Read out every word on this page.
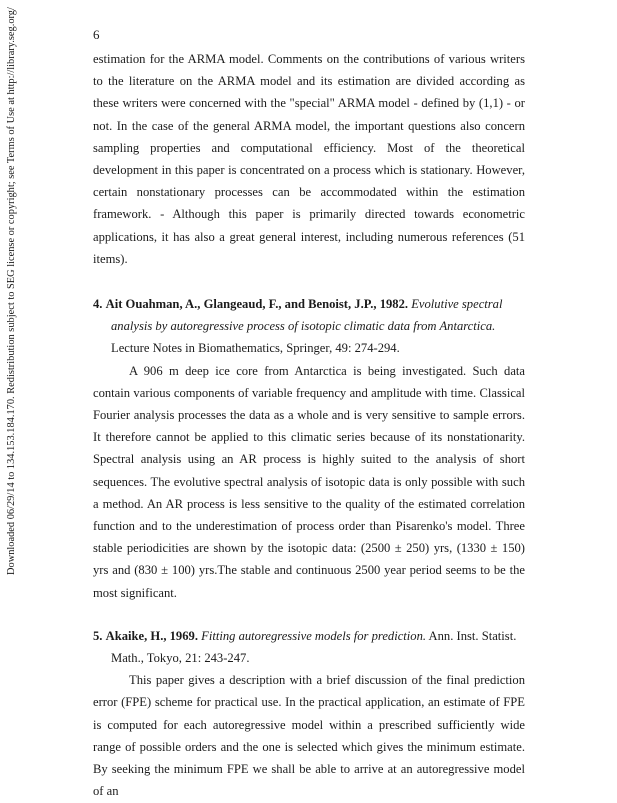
6
Downloaded 06/29/14 to 134.153.184.170. Redistribution subject to SEG license or copyright; see Terms of Use at http://library.seg.org/	estimation for the ARMA model. Comments on the contributions of various writers to the literature on the ARMA model and its estimation are divided according as these writers were concerned with the "special" ARMA model - defined by (1,1) - or not. In the case of the general ARMA model, the important questions also concern sampling properties and computational efficiency. Most of the theoretical development in this paper is concentrated on a process which is stationary. However, certain nonstationary processes can be accommodated within the estimation framework. - Although this paper is primarily directed towards econometric applications, it has also a great general interest, including numerous references (51 items).

4. Ait Ouahman, A., Glangeaud, F., and Benoist, J.P., 1982. Evolutive spectral analysis by autoregressive process of isotopic climatic data from Antarctica. Lecture Notes in Biomathematics, Springer, 49: 274-294.

A 906 m deep ice core from Antarctica is being investigated. Such data contain various components of variable frequency and amplitude with time. Classical Fourier analysis processes the data as a whole and is very sensitive to sample errors. It therefore cannot be applied to this climatic series because of its nonstationarity. Spectral analysis using an AR process is highly suited to the analysis of short sequences. The evolutive spectral analysis of isotopic data is only possible with such a method. An AR process is less sensitive to the quality of the estimated correlation function and to the underestimation of process order than Pisarenko's model. Three stable periodicities are shown by the isotopic data: (2500 ± 250) yrs, (1330 ± 150) yrs and (830 ± 100) yrs.The stable and continuous 2500 year period seems to be the most significant.

5. Akaike, H., 1969. Fitting autoregressive models for prediction. Ann. Inst. Statist. Math., Tokyo, 21: 243-247.

This paper gives a description with a brief discussion of the final prediction error (FPE) scheme for practical use. In the practical application, an estimate of FPE is computed for each autoregressive model within a prescribed sufficiently wide range of possible orders and the one is selected which gives the minimum estimate. By seeking the minimum FPE we shall be able to arrive at an autoregressive model of an
